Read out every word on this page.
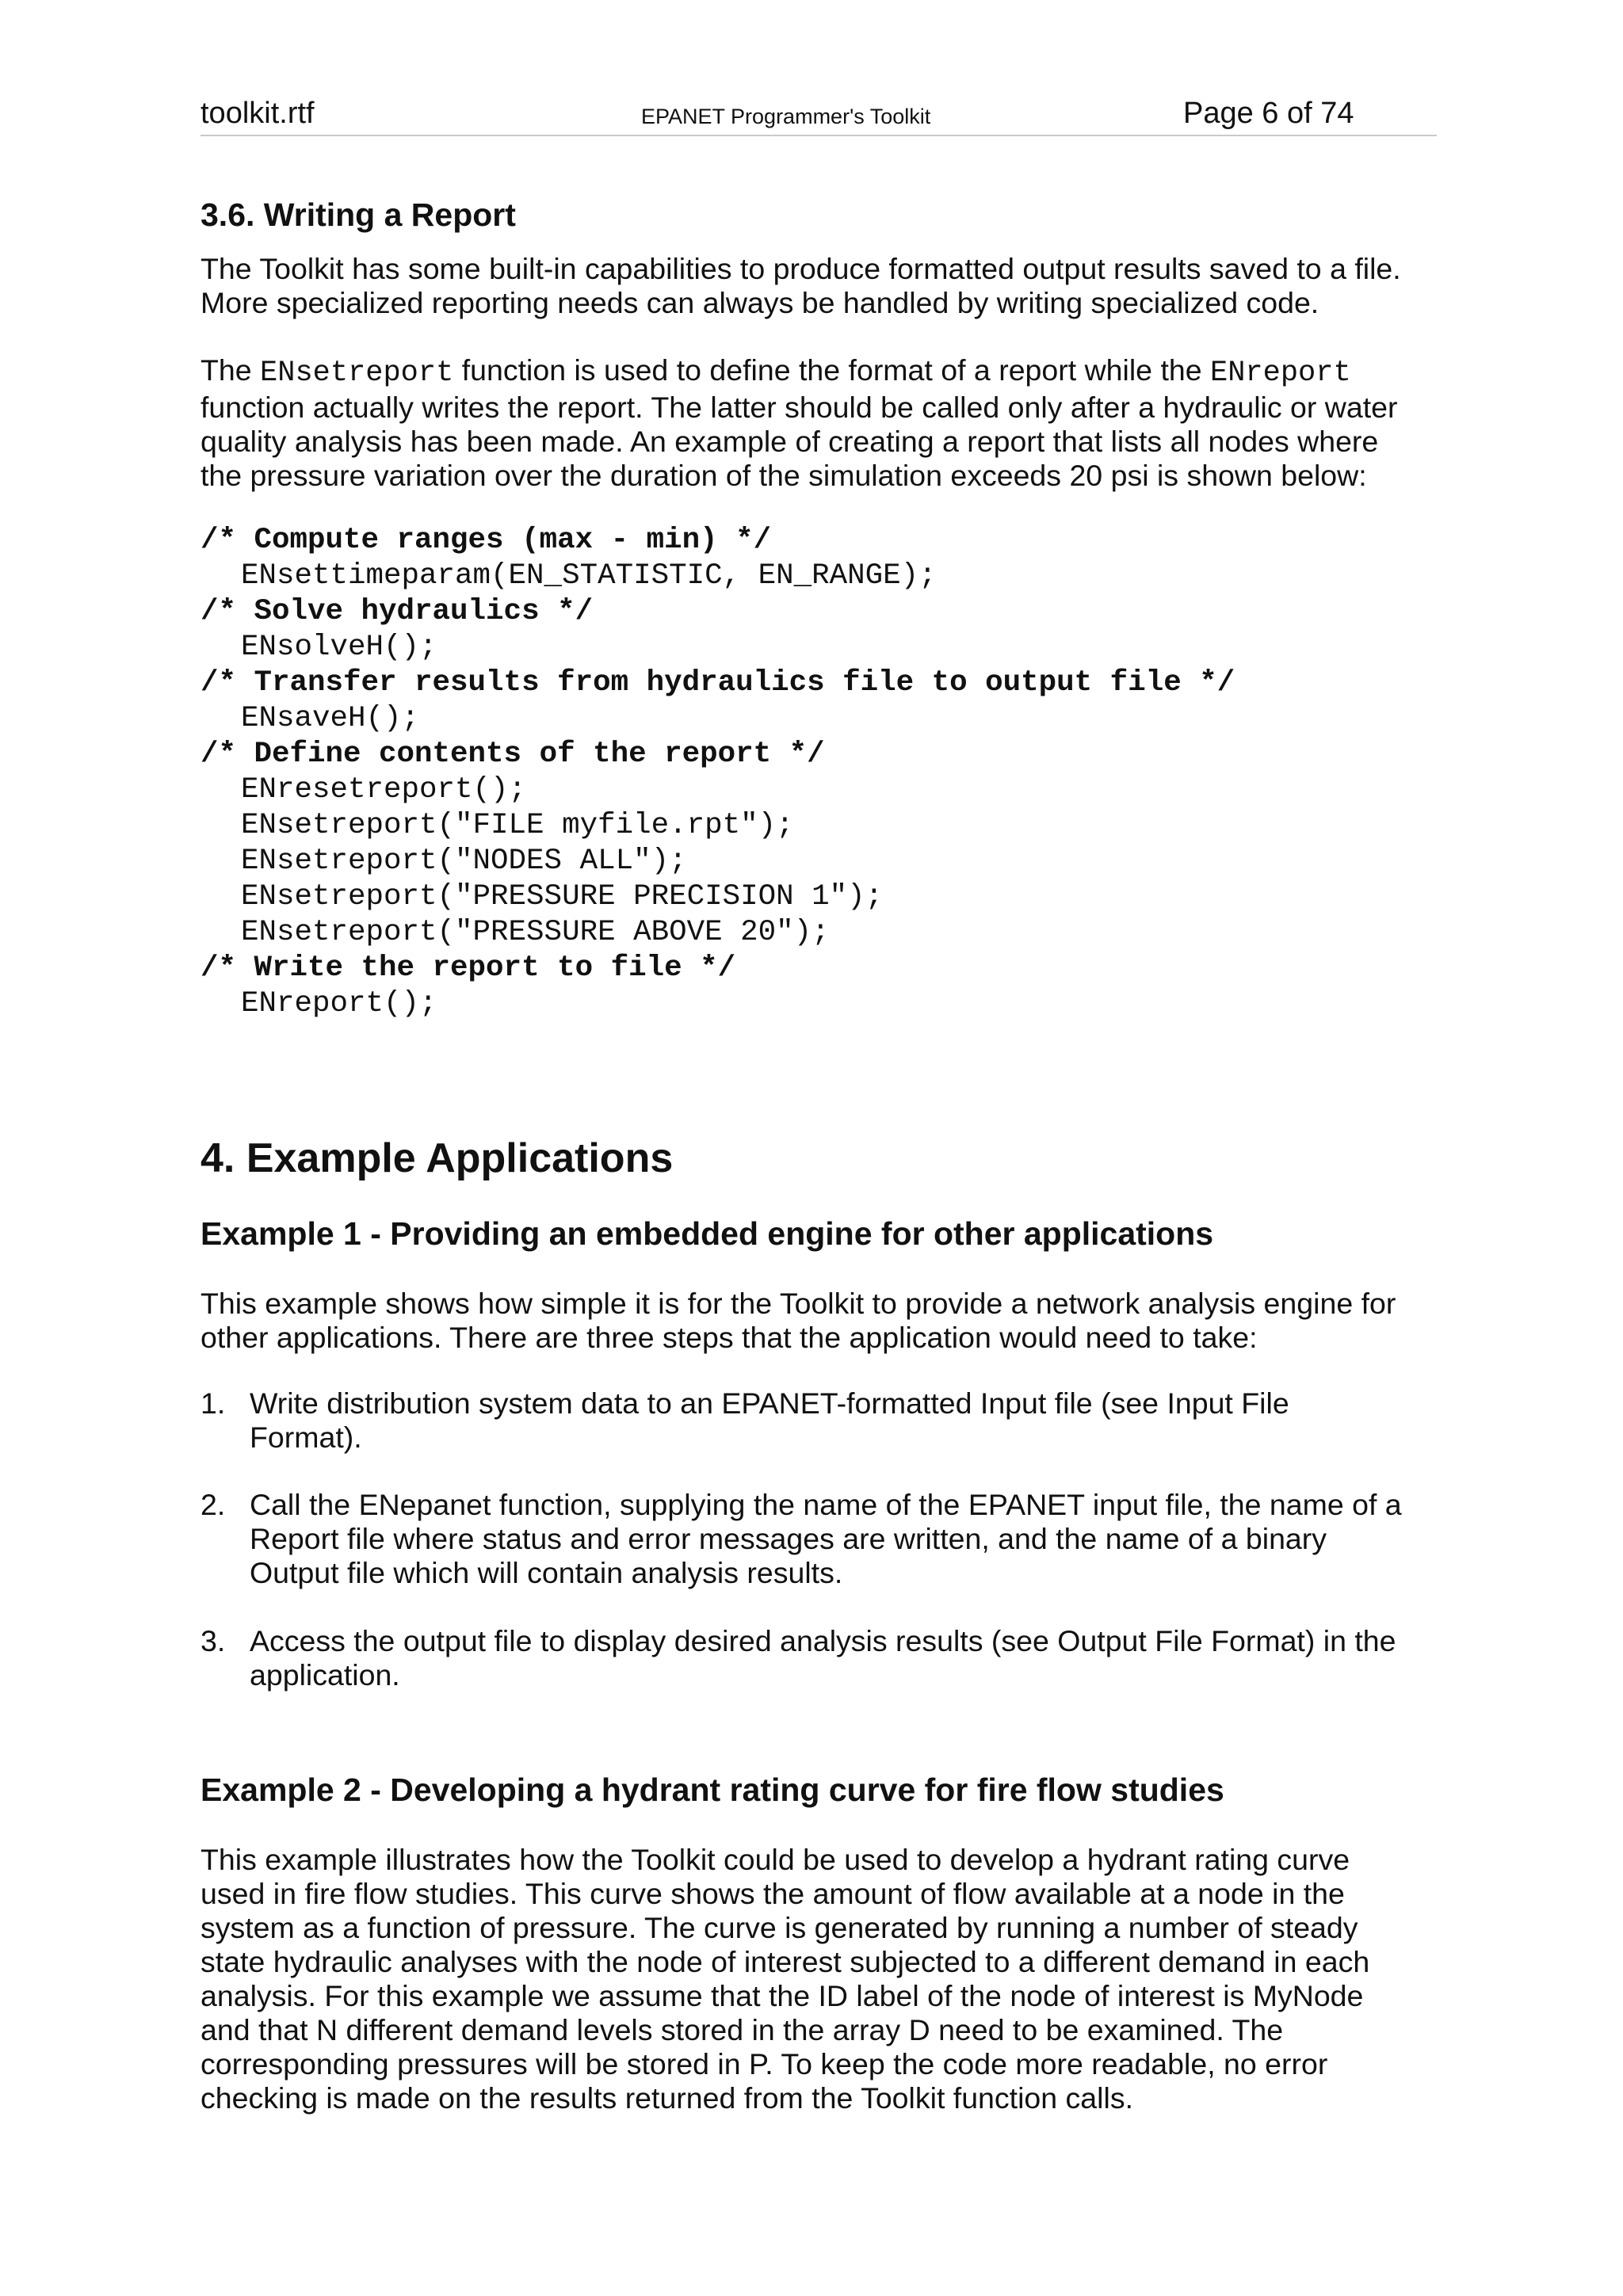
toolkit.rtf	EPANET Programmer's Toolkit	Page 6 of 74
3.6. Writing a Report
The Toolkit has some built-in capabilities to produce formatted output results saved to a file.
More specialized reporting needs can always be handled by writing specialized code.
The ENsetreport function is used to define the format of a report while the ENreport
function actually writes the report. The latter should be called only after a hydraulic or water
quality analysis has been made. An example of creating a report that lists all nodes where
the pressure variation over the duration of the simulation exceeds 20 psi is shown below:
/* Compute ranges (max - min) */
ENsettimeparam(EN_STATISTIC, EN_RANGE);
/* Solve hydraulics */
ENsolveH();
/* Transfer results from hydraulics file to output file */
ENsaveH();
/* Define contents of the report */
ENresetreport();
ENsetreport("FILE myfile.rpt");
ENsetreport("NODES ALL");
ENsetreport("PRESSURE PRECISION 1");
ENsetreport("PRESSURE ABOVE 20");
/* Write the report to file */
ENreport();
4. Example Applications
Example 1 - Providing an embedded engine for other applications
This example shows how simple it is for the Toolkit to provide a network analysis engine for
other applications. There are three steps that the application would need to take:
1. Write distribution system data to an EPANET-formatted Input file (see Input File
Format).
2. Call the ENepanet function, supplying the name of the EPANET input file, the name of a
Report file where status and error messages are written, and the name of a binary
Output file which will contain analysis results.
3. Access the output file to display desired analysis results (see Output File Format) in the
application.
Example 2 - Developing a hydrant rating curve for fire flow studies
This example illustrates how the Toolkit could be used to develop a hydrant rating curve
used in fire flow studies. This curve shows the amount of flow available at a node in the
system as a function of pressure. The curve is generated by running a number of steady
state hydraulic analyses with the node of interest subjected to a different demand in each
analysis. For this example we assume that the ID label of the node of interest is MyNode
and that N different demand levels stored in the array D need to be examined. The
corresponding pressures will be stored in P. To keep the code more readable, no error
checking is made on the results returned from the Toolkit function calls.
